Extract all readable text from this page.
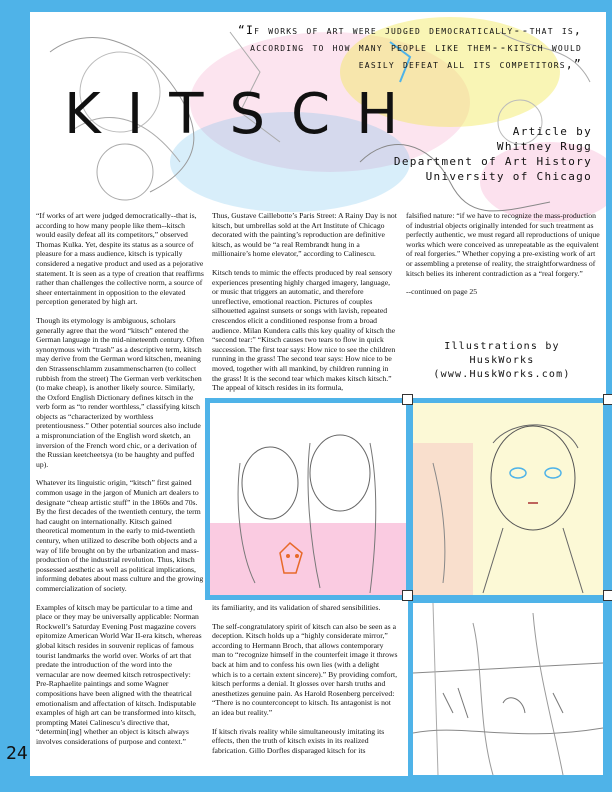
“If works of art were judged democratically--that is, according to how many people like them--kitsch would easily defeat all its competitors,”
KITSCH	Article by
Whitney Rugg
Department of Art History
University of Chicago

“If works of art were judged democratically--that is, according to how many people like them--kitsch would easily defeat all its competitors,” observed Thomas Kulka. Yet, despite its status as a source of pleasure for a mass audience, kitsch is typically considered a negative product and used as a pejorative statement. It is seen as a type of creation that reaffirms rather than challenges the collective norm, a source of sheer entertainment in opposition to the elevated perception generated by high art.

Though its etymology is ambiguous, scholars generally agree that the word “kitsch” entered the German language in the mid-nineteenth century. Often synonymous with “trash” as a descriptive term, kitsch may derive from the German word kitschen, meaning den Strassenschlamm zusammenscharren (to collect rubbish from the street) The German verb verkitschen (to make cheap), is another likely source. Similarly, the Oxford English Dictionary defines kitsch in the verb form as “to render worthless,” classifying kitsch objects as “characterized by worthless pretentiousness.” Other potential sources also include a mispronunciation of the English word sketch, an inversion of the French word chic, or a derivation of the Russian keetcheetsya (to be haughty and puffed up).

Whatever its linguistic origin, “kitsch” first gained common usage in the jargon of Munich art dealers to designate “cheap artistic stuff” in the 1860s and 70s. By the first decades of the twentieth century, the term had caught on internationally. Kitsch gained theoretical momentum in the early to mid-twentieth century, when utilized to describe both objects and a way of life brought on by the urbanization and mass-production of the industrial revolution. Thus, kitsch possessed aesthetic as well as political implications, informing debates about mass culture and the growing commercialization of society.

Examples of kitsch may be particular to a time and place or they may be universally applicable: Norman Rockwell’s Saturday Evening Post magazine covers epitomize American World War II-era kitsch, whereas global kitsch resides in souvenir replicas of famous tourist landmarks the world over. Works of art that predate the introduction of the word into the vernacular are now deemed kitsch retrospectively: Pre-Raphaelite paintings and some Wagner compositions have been aligned with the theatrical emotionalism and affectation of kitsch. Indisputable examples of high art can be transformed into kitsch, prompting Matei Calinescu’s directive that, “determin[ing] whether an object is kitsch always involves considerations of purpose and context.”

Thus, Gustave Caillebotte’s Paris Street: A Rainy Day is not kitsch, but umbrellas sold at the Art Institute of Chicago decorated with the painting’s reproduction are definitive kitsch, as would be “a real Rembrandt hung in a millionaire’s home elevator,” according to Calinescu.

Kitsch tends to mimic the effects produced by real sensory experiences presenting highly charged imagery, language, or music that triggers an automatic, and therefore unreflective, emotional reaction. Pictures of couples silhouetted against sunsets or songs with lavish, repeated crescendos elicit a conditioned response from a broad audience. Milan Kundera calls this key quality of kitsch the “second tear:” “Kitsch causes two tears to flow in quick succession. The first tear says: How nice to see the children running in the grass! The second tear says: How nice to be moved, together with all mankind, by children running in the grass! It is the second tear which makes kitsch kitsch.” The appeal of kitsch resides in its formula,

its familiarity, and its validation of shared sensibilities.

The self-congratulatory spirit of kitsch can also be seen as a deception. Kitsch holds up a “highly considerate mirror,” according to Hermann Broch, that allows contemporary man to “recognize himself in the counterfeit image it throws back at him and to confess his own lies (with a delight which is to a certain extent sincere).” By providing comfort, kitsch performs a denial. It glosses over harsh truths and anesthetizes genuine pain. As Harold Rosenberg perceived: “There is no counterconcept to kitsch. Its antagonist is not an idea but reality.”

If kitsch rivals reality while simultaneously imitating its effects, then the truth of kitsch exists in its realized fabrication. Gillo Dorfles disparaged kitsch for its

falsified nature: “if we have to recognize the mass-production of industrial objects originally intended for such treatment as perfectly authentic, we must regard all reproductions of unique works which were conceived as unrepeatable as the equivalent of real forgeries.” Whether copying a pre-existing work of art or assembling a pretense of reality, the straightforwardness of kitsch belies its inherent contradiction as a “real forgery.”

--continued on page 25

Illustrations by
HuskWorks
(www.HuskWorks.com)
24
